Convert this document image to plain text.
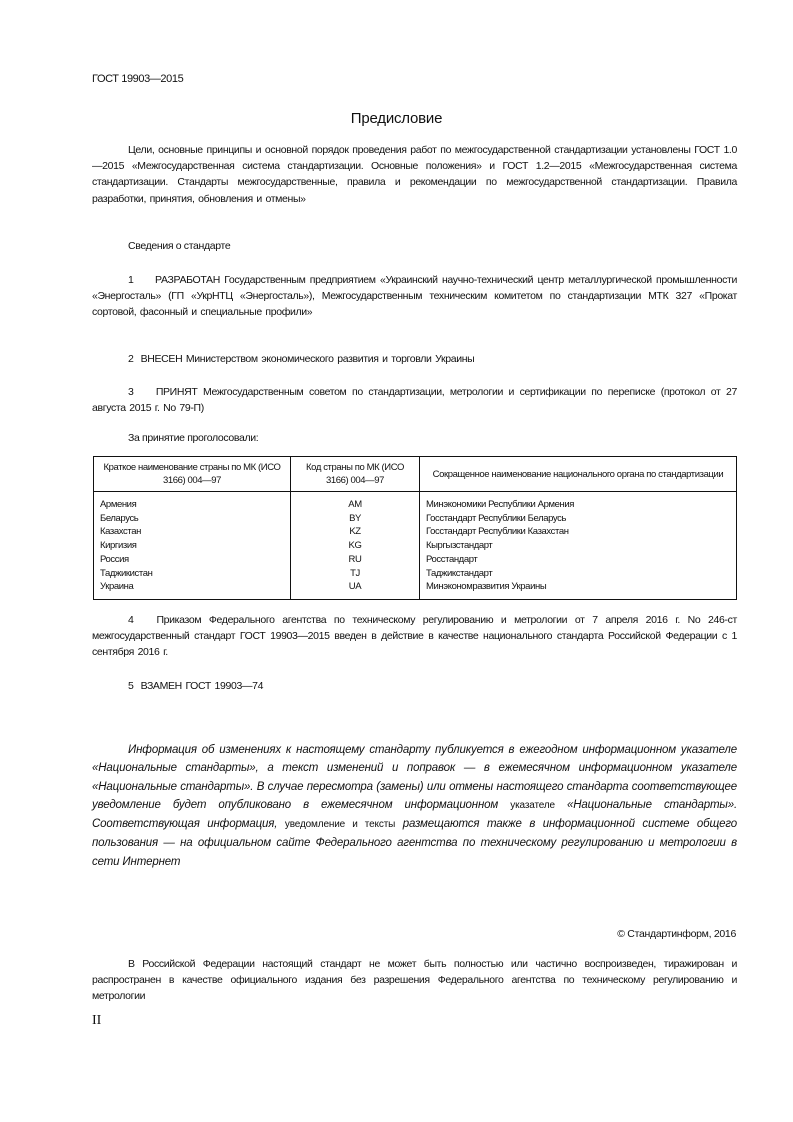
ГОСТ 19903—2015
Предисловие
Цели, основные принципы и основной порядок проведения работ по межгосударственной стандартизации установлены ГОСТ 1.0—2015 «Межгосударственная система стандартизации. Основные положения» и ГОСТ 1.2—2015 «Межгосударственная система стандартизации. Стандарты межгосударственные, правила и рекомендации по межгосударственной стандартизации. Правила разработки, принятия, обновления и отмены»
Сведения о стандарте
1 РАЗРАБОТАН Государственным предприятием «Украинский научно-технический центр металлургической промышленности «Энергосталь» (ГП «УкрНТЦ «Энергосталь»), Межгосударственным техническим комитетом по стандартизации МТК 327 «Прокат сортовой, фасонный и специальные профили»
2 ВНЕСЕН Министерством экономического развития и торговли Украины
3 ПРИНЯТ Межгосударственным советом по стандартизации, метрологии и сертификации по переписке (протокол от 27 августа 2015 г. No 79-П)
За принятие проголосовали:
Краткое наименование страны по МК (ИСО 3166) 004—97	Код страны по МК (ИСО 3166) 004—97	Сокращенное наименование национального органа по стандартизации
Армения	AM	Минэкономики Республики Армения
Беларусь	BY	Госстандарт Республики Беларусь
Казахстан	KZ	Госстандарт Республики Казахстан
Киргизия	KG	Кыргызстандарт
Россия	RU	Росстандарт
Таджикистан	TJ	Таджикстандарт
Украина	UA	Минэкономразвития Украины
4 Приказом Федерального агентства по техническому регулированию и метрологии от 7 апреля 2016 г. No 246-ст межгосударственный стандарт ГОСТ 19903—2015 введен в действие в качестве национального стандарта Российской Федерации с 1 сентября 2016 г.
5 ВЗАМЕН ГОСТ 19903—74
Информация об изменениях к настоящему стандарту публикуется в ежегодном информационном указателе «Национальные стандарты», а текст изменений и поправок — в ежемесячном информационном указателе «Национальные стандарты». В случае пересмотра (замены) или отмены настоящего стандарта соответствующее уведомление будет опубликовано в ежемесячном информационном указателе «Национальные стандарты». Соответствующая информация, уведомление и тексты размещаются также в информационной системе общего пользования — на официальном сайте Федерального агентства по техническому регулированию и метрологии в сети Интернет
© Стандартинформ, 2016
В Российской Федерации настоящий стандарт не может быть полностью или частично воспроизведен, тиражирован и распространен в качестве официального издания без разрешения Федерального агентства по техническому регулированию и метрологии
II
